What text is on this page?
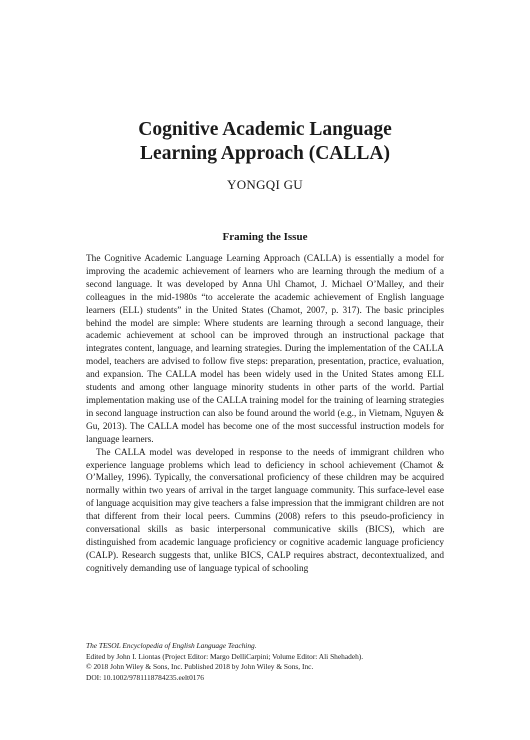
Cognitive Academic Language
Learning Approach (CALLA)
YONGQI GU
Framing the Issue

The Cognitive Academic Language Learning Approach (CALLA) is essentially a model for improving the academic achievement of learners who are learning through the medium of a second language. It was developed by Anna Uhl Chamot, J. Michael O’Malley, and their colleagues in the mid-1980s “to accelerate the academic achievement of English language learners (ELL) students” in the United States (Chamot, 2007, p. 317). The basic principles behind the model are simple: Where students are learning through a second language, their academic achievement at school can be improved through an instructional package that integrates content, language, and learning strategies. During the implementation of the CALLA model, teachers are advised to follow five steps: preparation, presentation, practice, evaluation, and expansion. The CALLA model has been widely used in the United States among ELL students and among other language minority students in other parts of the world. Partial implementation making use of the CALLA training model for the training of learning strategies in second language instruction can also be found around the world (e.g., in Vietnam, Nguyen & Gu, 2013). The CALLA model has become one of the most successful instruction models for language learners.

The CALLA model was developed in response to the needs of immigrant children who experience language problems which lead to deficiency in school achievement (Chamot & O’Malley, 1996). Typically, the conversational proficiency of these children may be acquired normally within two years of arrival in the target language community. This surface-level ease of language acquisition may give teachers a false impression that the immigrant children are not that different from their local peers. Cummins (2008) refers to this pseudo-proficiency in conversational skills as basic interpersonal communicative skills (BICS), which are distinguished from academic language proficiency or cognitive academic language proficiency (CALP). Research suggests that, unlike BICS, CALP requires abstract, decontextualized, and cognitively demanding use of language typical of schooling

The TESOL Encyclopedia of English Language Teaching.
Edited by John I. Liontas (Project Editor: Margo DelliCarpini; Volume Editor: Ali Shehadeh).
© 2018 John Wiley & Sons, Inc. Published 2018 by John Wiley & Sons, Inc.
DOI: 10.1002/9781118784235.eelt0176
